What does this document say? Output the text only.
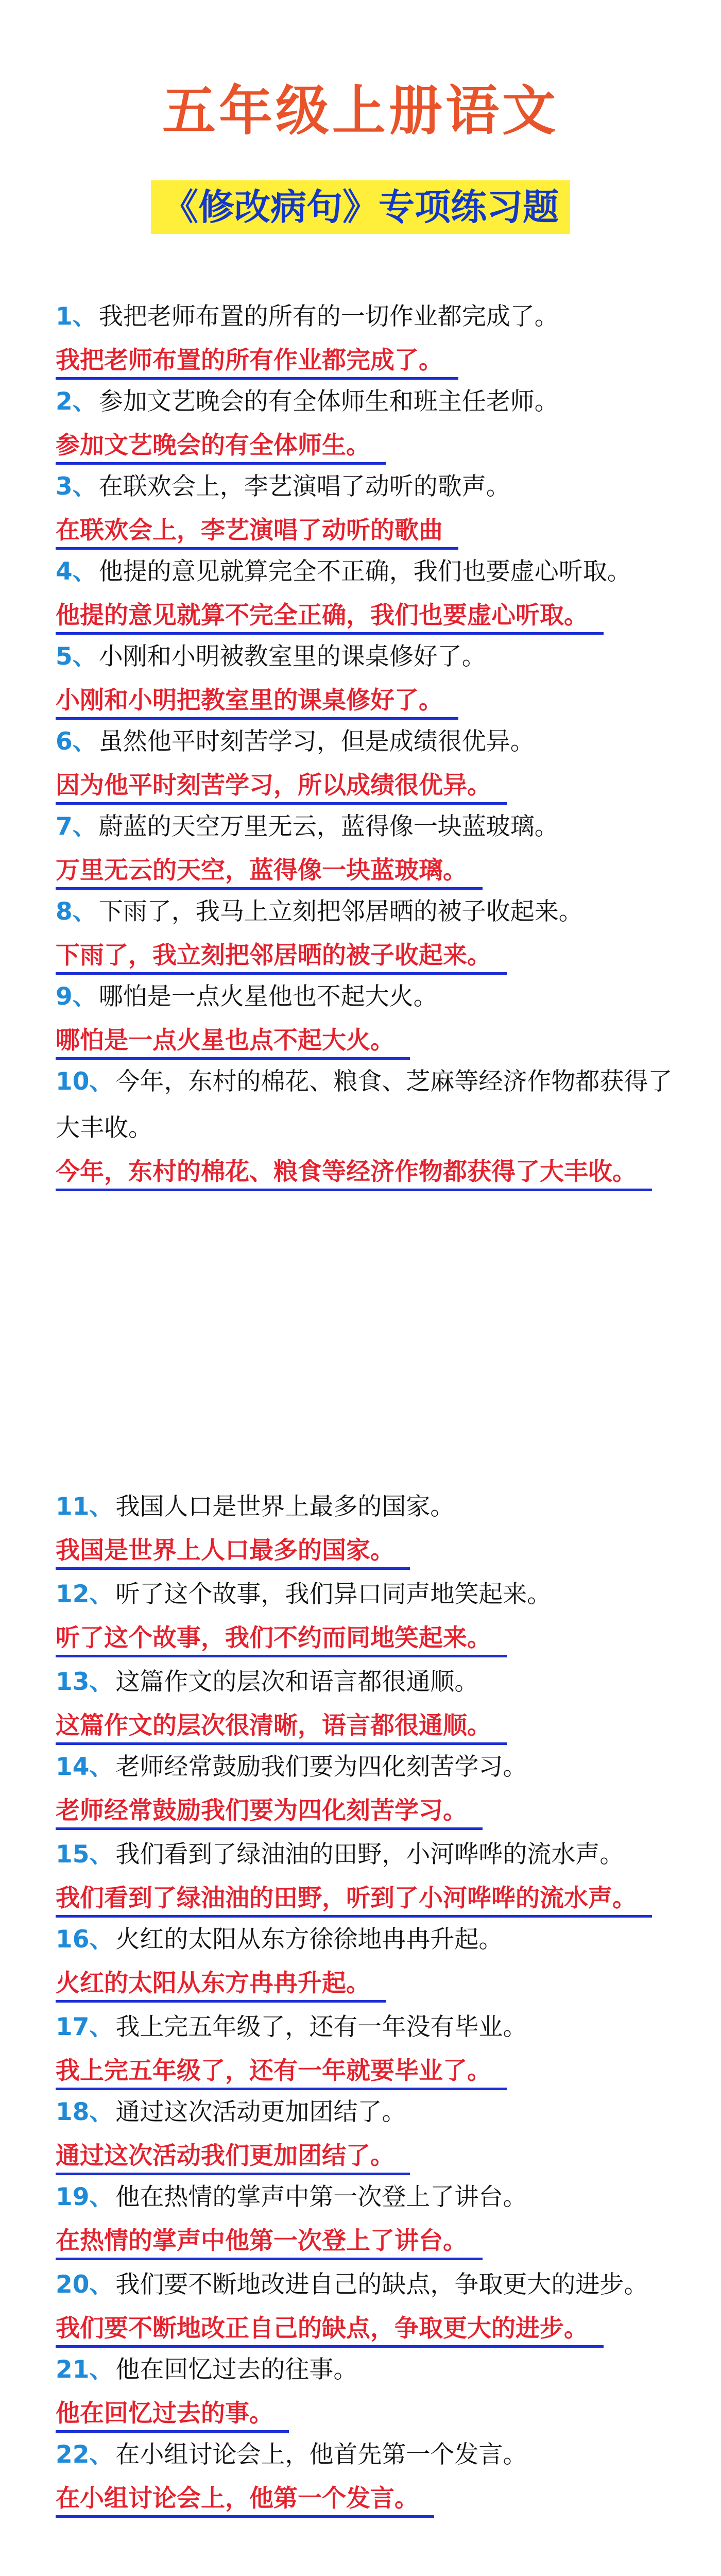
五年级上册语文
《修改病句》专项练习题
1、我把老师布置的所有的一切作业都完成了。
我把老师布置的所有作业都完成了。
2、参加文艺晚会的有全体师生和班主任老师。
参加文艺晚会的有全体师生。
3、在联欢会上，李艺演唱了动听的歌声。
在联欢会上，李艺演唱了动听的歌曲
4、他提的意见就算完全不正确，我们也要虚心听取。
他提的意见就算不完全正确，我们也要虚心听取。
5、小刚和小明被教室里的课桌修好了。
小刚和小明把教室里的课桌修好了。
6、虽然他平时刻苦学习，但是成绩很优异。
因为他平时刻苦学习，所以成绩很优异。
7、蔚蓝的天空万里无云，蓝得像一块蓝玻璃。
万里无云的天空，蓝得像一块蓝玻璃。
8、下雨了，我马上立刻把邻居晒的被子收起来。
下雨了，我立刻把邻居晒的被子收起来。
9、哪怕是一点火星他也不起大火。
哪怕是一点火星也点不起大火。
10、今年，东村的棉花、粮食、芝麻等经济作物都获得了大丰收。
今年，东村的棉花、粮食等经济作物都获得了大丰收。
11、我国人口是世界上最多的国家。
我国是世界上人口最多的国家。
12、听了这个故事，我们异口同声地笑起来。
听了这个故事，我们不约而同地笑起来。
13、这篇作文的层次和语言都很通顺。
这篇作文的层次很清晰，语言都很通顺。
14、老师经常鼓励我们要为四化刻苦学习。
老师经常鼓励我们要为四化刻苦学习。
15、我们看到了绿油油的田野，小河哗哗的流水声。
我们看到了绿油油的田野，听到了小河哗哗的流水声。
16、火红的太阳从东方徐徐地冉冉升起。
火红的太阳从东方冉冉升起。
17、我上完五年级了，还有一年没有毕业。
我上完五年级了，还有一年就要毕业了。
18、通过这次活动更加团结了。
通过这次活动我们更加团结了。
19、他在热情的掌声中第一次登上了讲台。
在热情的掌声中他第一次登上了讲台。
20、我们要不断地改进自己的缺点，争取更大的进步。
我们要不断地改正自己的缺点，争取更大的进步。
21、他在回忆过去的往事。
他在回忆过去的事。
22、在小组讨论会上，他首先第一个发言。
在小组讨论会上，他第一个发言。
